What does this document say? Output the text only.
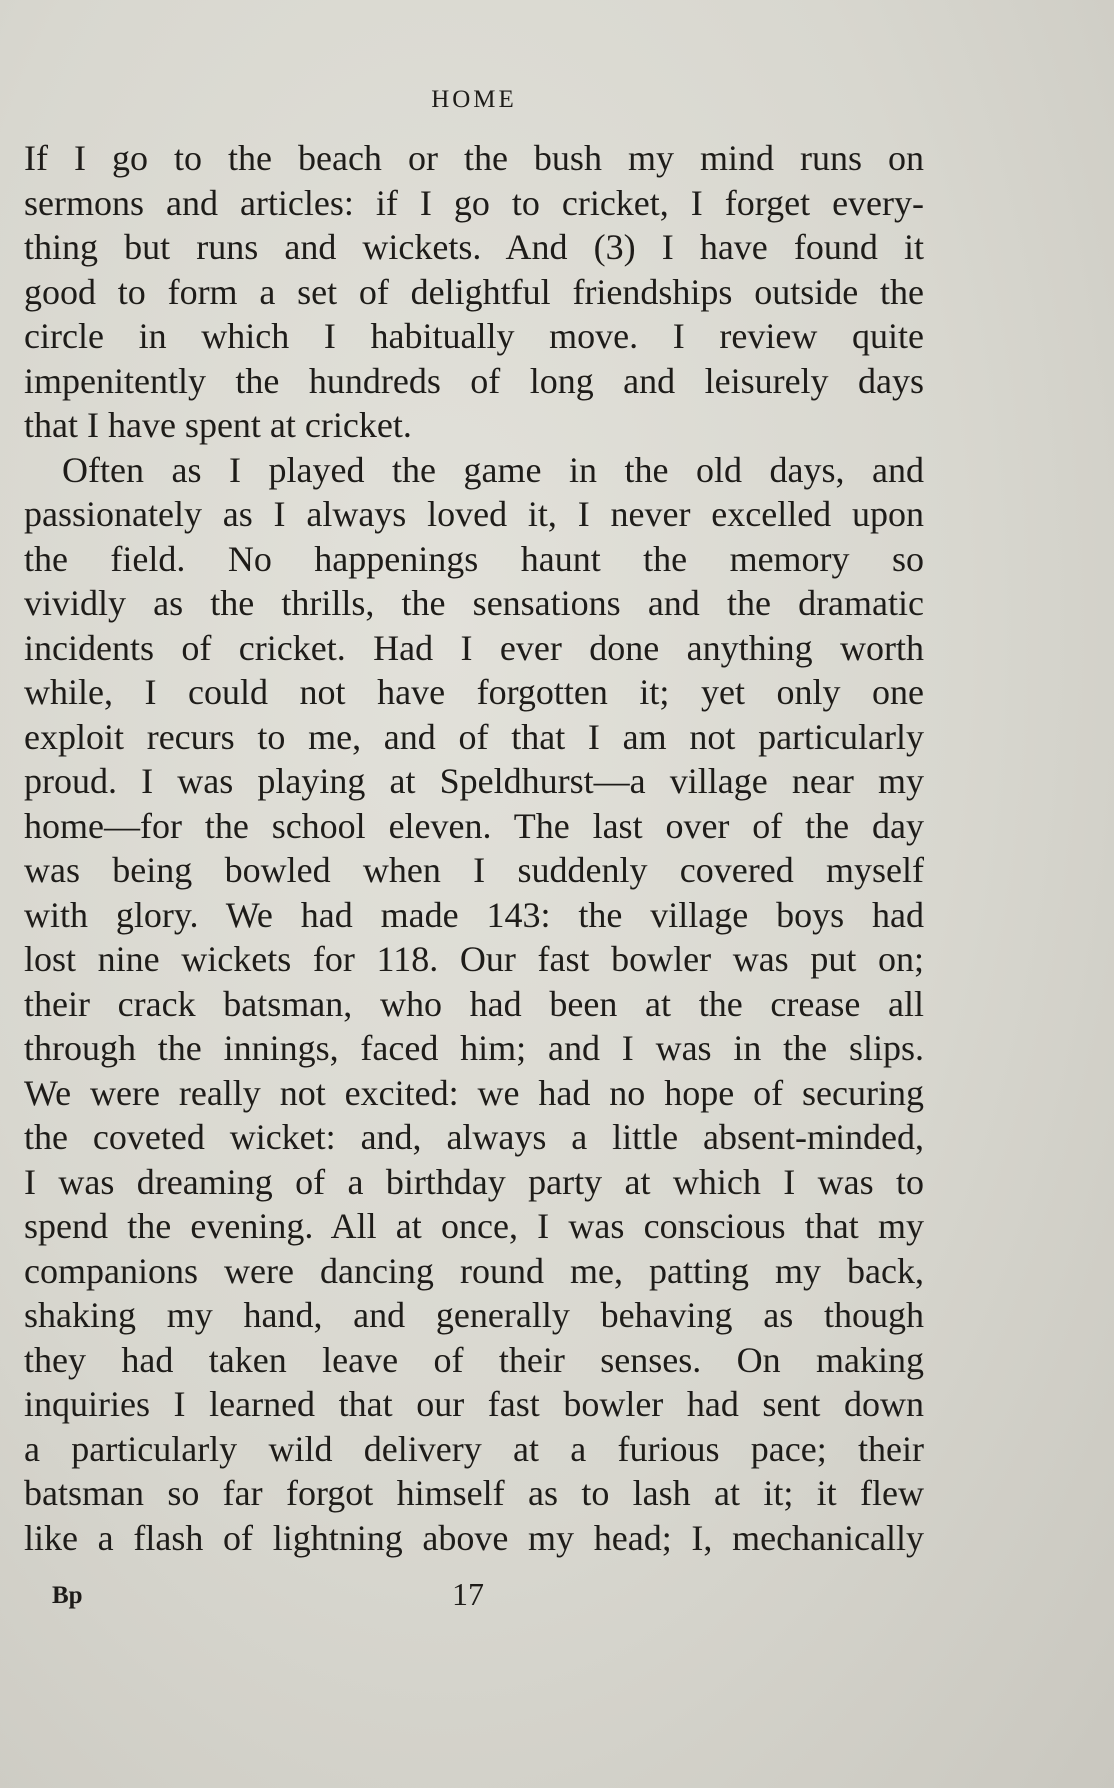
HOME
If I go to the beach or the bush my mind runs on
sermons and articles: if I go to cricket, I forget every-
thing but runs and wickets. And (3) I have found it
good to form a set of delightful friendships outside the
circle in which I habitually move. I review quite
impenitently the hundreds of long and leisurely days
that I have spent at cricket.
Often as I played the game in the old days, and
passionately as I always loved it, I never excelled upon
the field. No happenings haunt the memory so
vividly as the thrills, the sensations and the dramatic
incidents of cricket. Had I ever done anything worth
while, I could not have forgotten it; yet only one
exploit recurs to me, and of that I am not particularly
proud. I was playing at Speldhurst—a village near my
home—for the school eleven. The last over of the day
was being bowled when I suddenly covered myself
with glory. We had made 143: the village boys had
lost nine wickets for 118. Our fast bowler was put on;
their crack batsman, who had been at the crease all
through the innings, faced him; and I was in the slips.
We were really not excited: we had no hope of securing
the coveted wicket: and, always a little absent-minded,
I was dreaming of a birthday party at which I was to
spend the evening. All at once, I was conscious that my
companions were dancing round me, patting my back,
shaking my hand, and generally behaving as though
they had taken leave of their senses. On making
inquiries I learned that our fast bowler had sent down
a particularly wild delivery at a furious pace; their
batsman so far forgot himself as to lash at it; it flew
like a flash of lightning above my head; I, mechanically
Bp	17
